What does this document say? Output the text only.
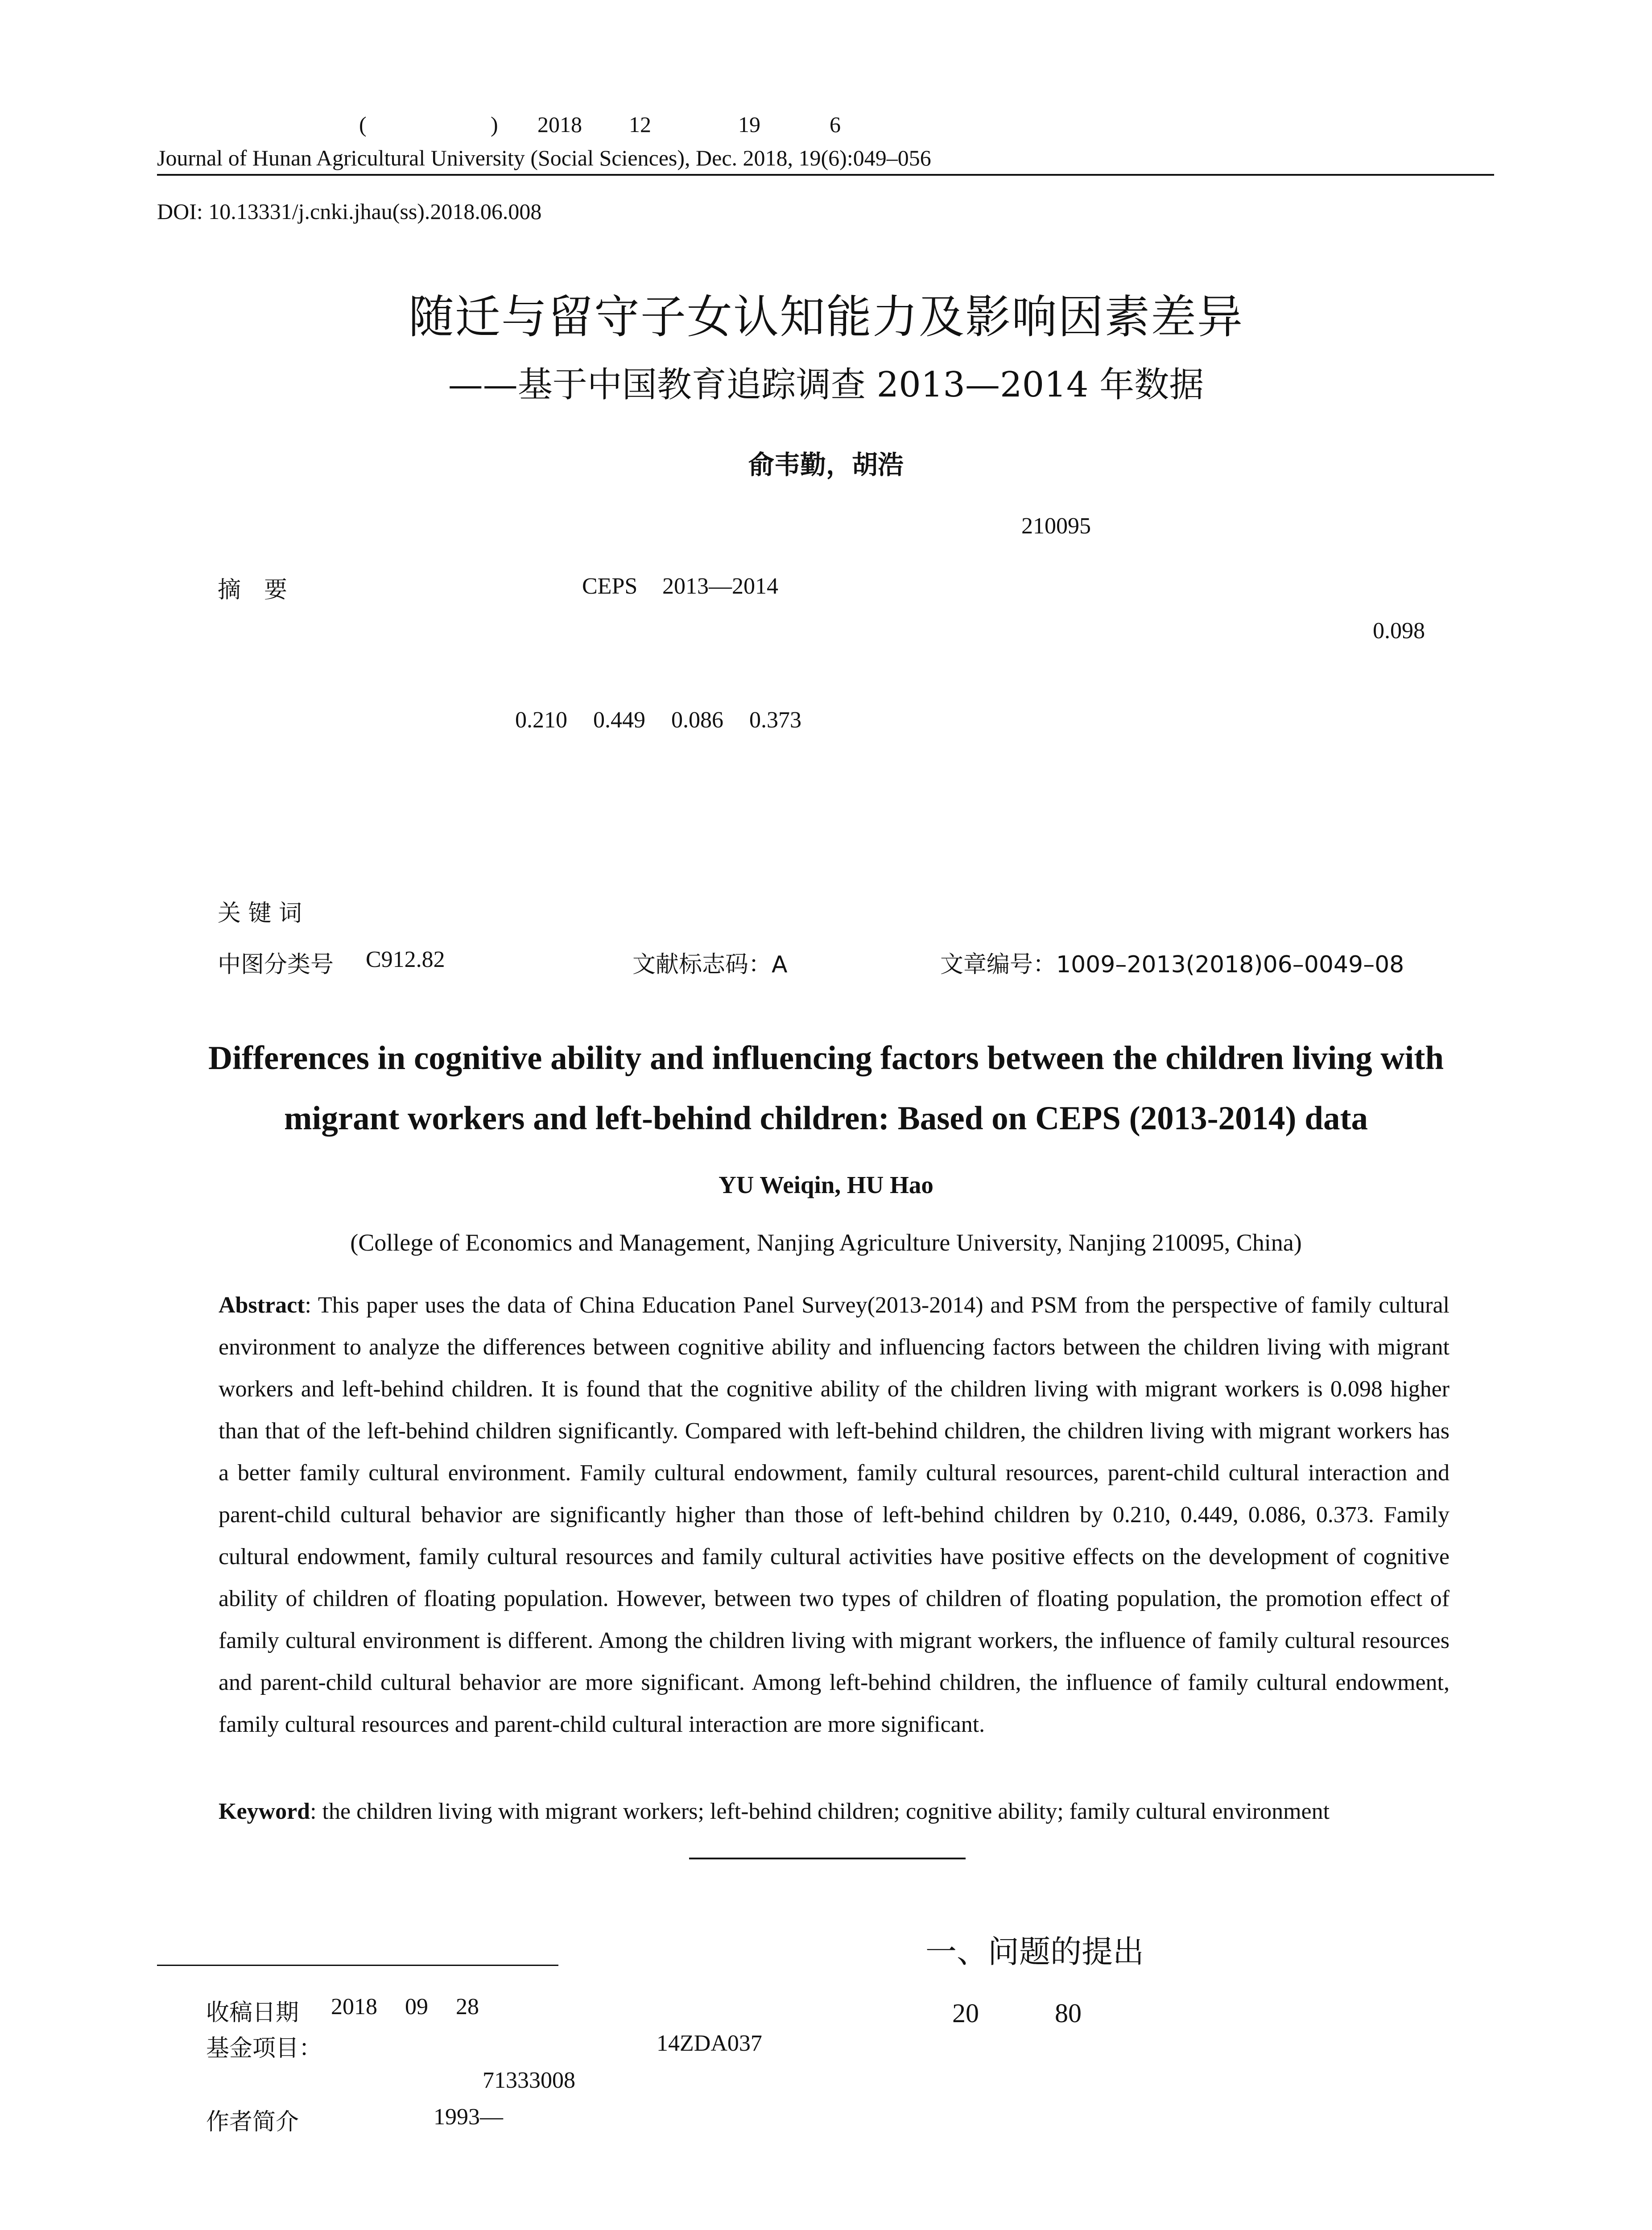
(	) 2018 12	19	6
Journal of Hunan Agricultural University (Social Sciences), Dec. 2018, 19(6):049–056
DOI: 10.13331/j.cnki.jhau(ss).2018.06.008
随迁与留守子女认知能力及影响因素差异
——基于中国教育追踪调查 2013—2014 年数据
俞韦勤，胡浩
210095
摘　要	CEPS 2013—2014
0.098
0.210 0.449 0.086 0.373
关 键 词
中图分类号 C912.82	文献标志码：A	文章编号：1009–2013(2018)06–0049–08
Differences in cognitive ability and influencing factors between the children living with
migrant workers and left-behind children: Based on CEPS (2013-2014) data
YU Weiqin, HU Hao
(College of Economics and Management, Nanjing Agriculture University, Nanjing 210095, China)
Abstract: This paper uses the data of China Education Panel Survey(2013-2014) and PSM from the perspective of family cultural environment to analyze the differences between cognitive ability and influencing factors between the children living with migrant workers and left-behind children. It is found that the cognitive ability of the children living with migrant workers is 0.098 higher than that of the left-behind children significantly. Compared with left-behind children, the children living with migrant workers has a better family cultural environment. Family cultural endowment, family cultural resources, parent-child cultural interaction and parent-child cultural behavior are significantly higher than those of left-behind children by 0.210, 0.449, 0.086, 0.373. Family cultural endowment, family cultural resources and family cultural activities have positive effects on the development of cognitive ability of children of floating population. However, between two types of children of floating population, the promotion effect of family cultural environment is different. Among the children living with migrant workers, the influence of family cultural resources and parent-child cultural behavior are more significant. Among left-behind children, the influence of family cultural endowment, family cultural resources and parent-child cultural interaction are more significant.
Keyword: the children living with migrant workers; left-behind children; cognitive ability; family cultural environment
收稿日期 2018 09 28
基金项目：	14ZDA037
71333008
作者简介	1993—
一、问题的提出
20	80
